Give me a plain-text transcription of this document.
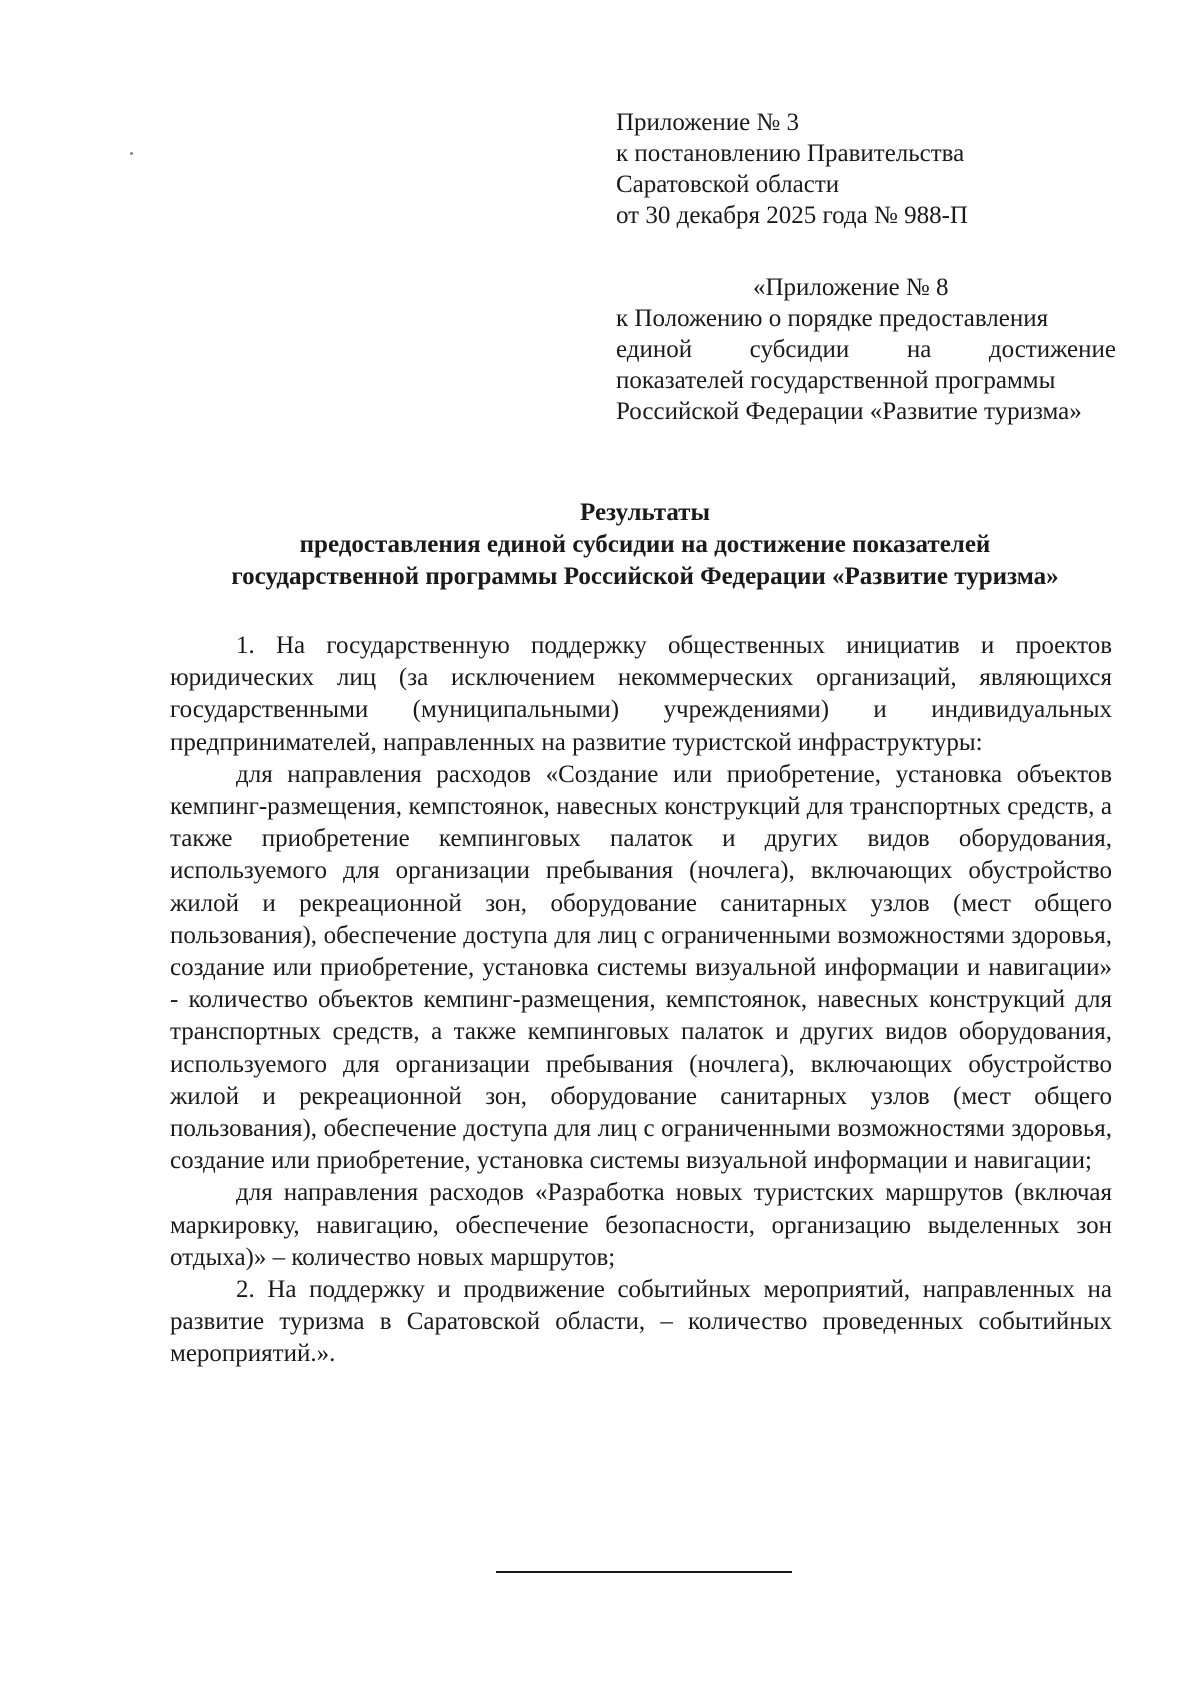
Приложение № 3
к постановлению Правительства
Саратовской области
от 30 декабря 2025 года № 988-П
«Приложение № 8
к Положению о порядке предоставления
единой субсидии на достижение
показателей государственной программы
Российской Федерации «Развитие туризма»
Результаты
предоставления единой субсидии на достижение показателей
государственной программы Российской Федерации «Развитие туризма»

1. На государственную поддержку общественных инициатив и проектов юридических лиц (за исключением некоммерческих организаций, являющихся государственными (муниципальными) учреждениями) и индивидуальных предпринимателей, направленных на развитие туристской инфраструктуры:

для направления расходов «Создание или приобретение, установка объектов кемпинг-размещения, кемпстоянок, навесных конструкций для транспортных средств, а также приобретение кемпинговых палаток и других видов оборудования, используемого для организации пребывания (ночлега), включающих обустройство жилой и рекреационной зон, оборудование санитарных узлов (мест общего пользования), обеспечение доступа для лиц с ограниченными возможностями здоровья, создание или приобретение, установка системы визуальной информации и навигации» - количество объектов кемпинг-размещения, кемпстоянок, навесных конструкций для транспортных средств, а также кемпинговых палаток и других видов оборудования, используемого для организации пребывания (ночлега), включающих обустройство жилой и рекреационной зон, оборудование санитарных узлов (мест общего пользования), обеспечение доступа для лиц с ограниченными возможностями здоровья, создание или приобретение, установка системы визуальной информации и навигации;

для направления расходов «Разработка новых туристских маршрутов (включая маркировку, навигацию, обеспечение безопасности, организацию выделенных зон отдыха)» – количество новых маршрутов;

2. На поддержку и продвижение событийных мероприятий, направленных на развитие туризма в Саратовской области, – количество проведенных событийных мероприятий.».
